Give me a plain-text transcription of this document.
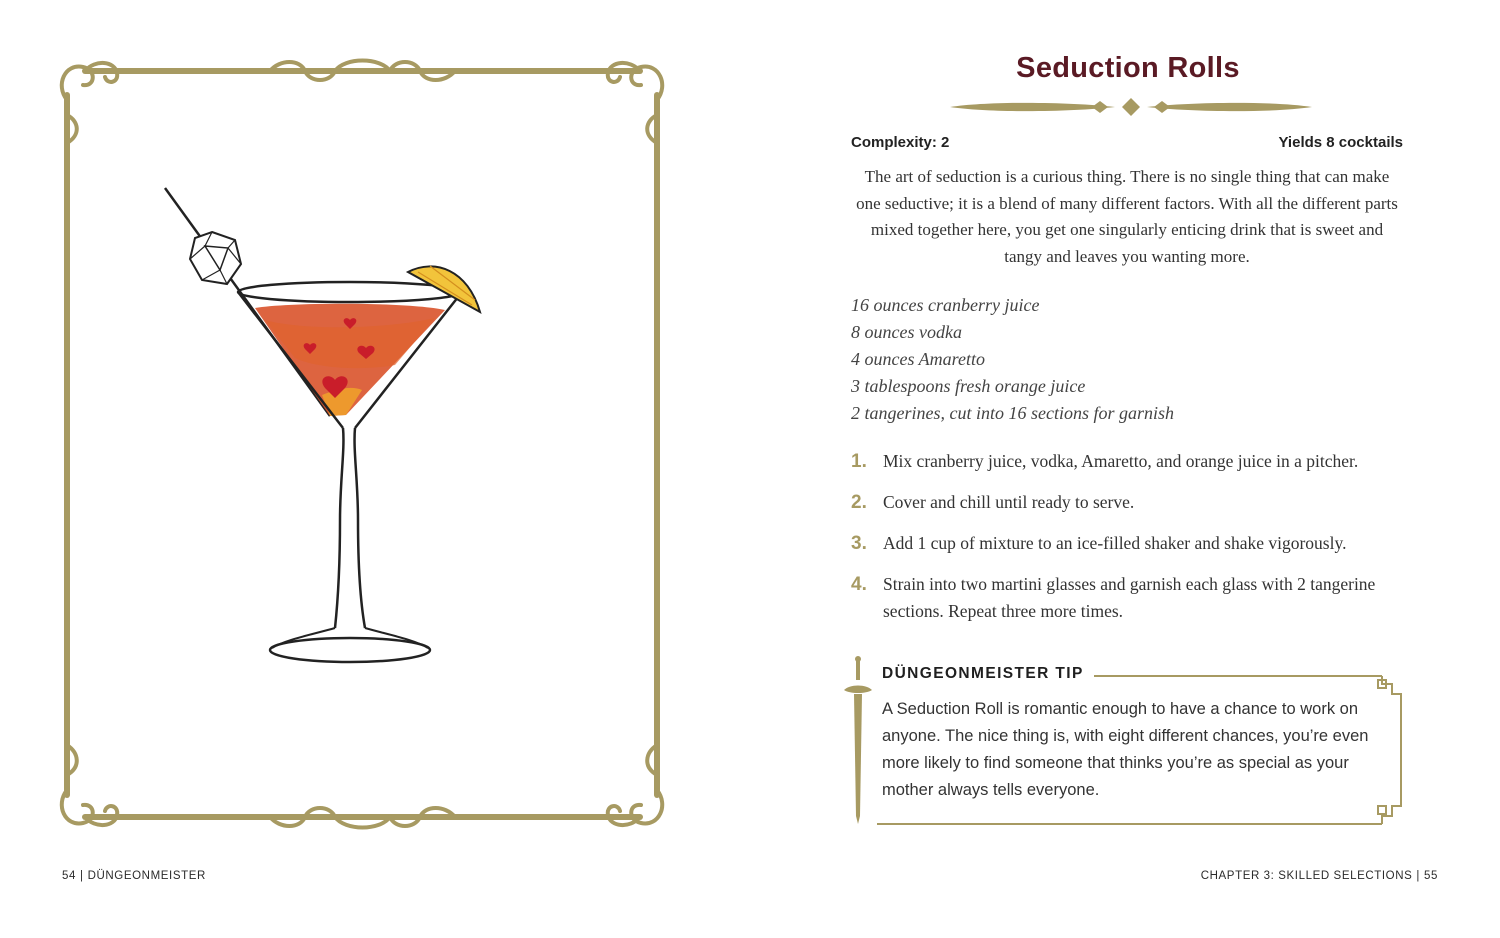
54 | DÜNGEONMEISTER
Seduction Rolls
Complexity: 2	Yields 8 cocktails

The art of seduction is a curious thing. There is no single thing that can make one seductive; it is a blend of many different factors. With all the different parts mixed together here, you get one singularly enticing drink that is sweet and tangy and leaves you wanting more.

16 ounces cranberry juice
8 ounces vodka
4 ounces Amaretto
3 tablespoons fresh orange juice
2 tangerines, cut into 16 sections for garnish
1. Mix cranberry juice, vodka, Amaretto, and orange juice in a pitcher.
2. Cover and chill until ready to serve.
3. Add 1 cup of mixture to an ice-filled shaker and shake vigorously.
4. Strain into two martini glasses and garnish each glass with 2 tangerine sections. Repeat three more times.
DÜNGEONMEISTER TIP

A Seduction Roll is romantic enough to have a chance to work on anyone. The nice thing is, with eight different chances, you’re even more likely to find someone that thinks you’re as special as your mother always tells everyone.

CHAPTER 3: SKILLED SELECTIONS | 55
